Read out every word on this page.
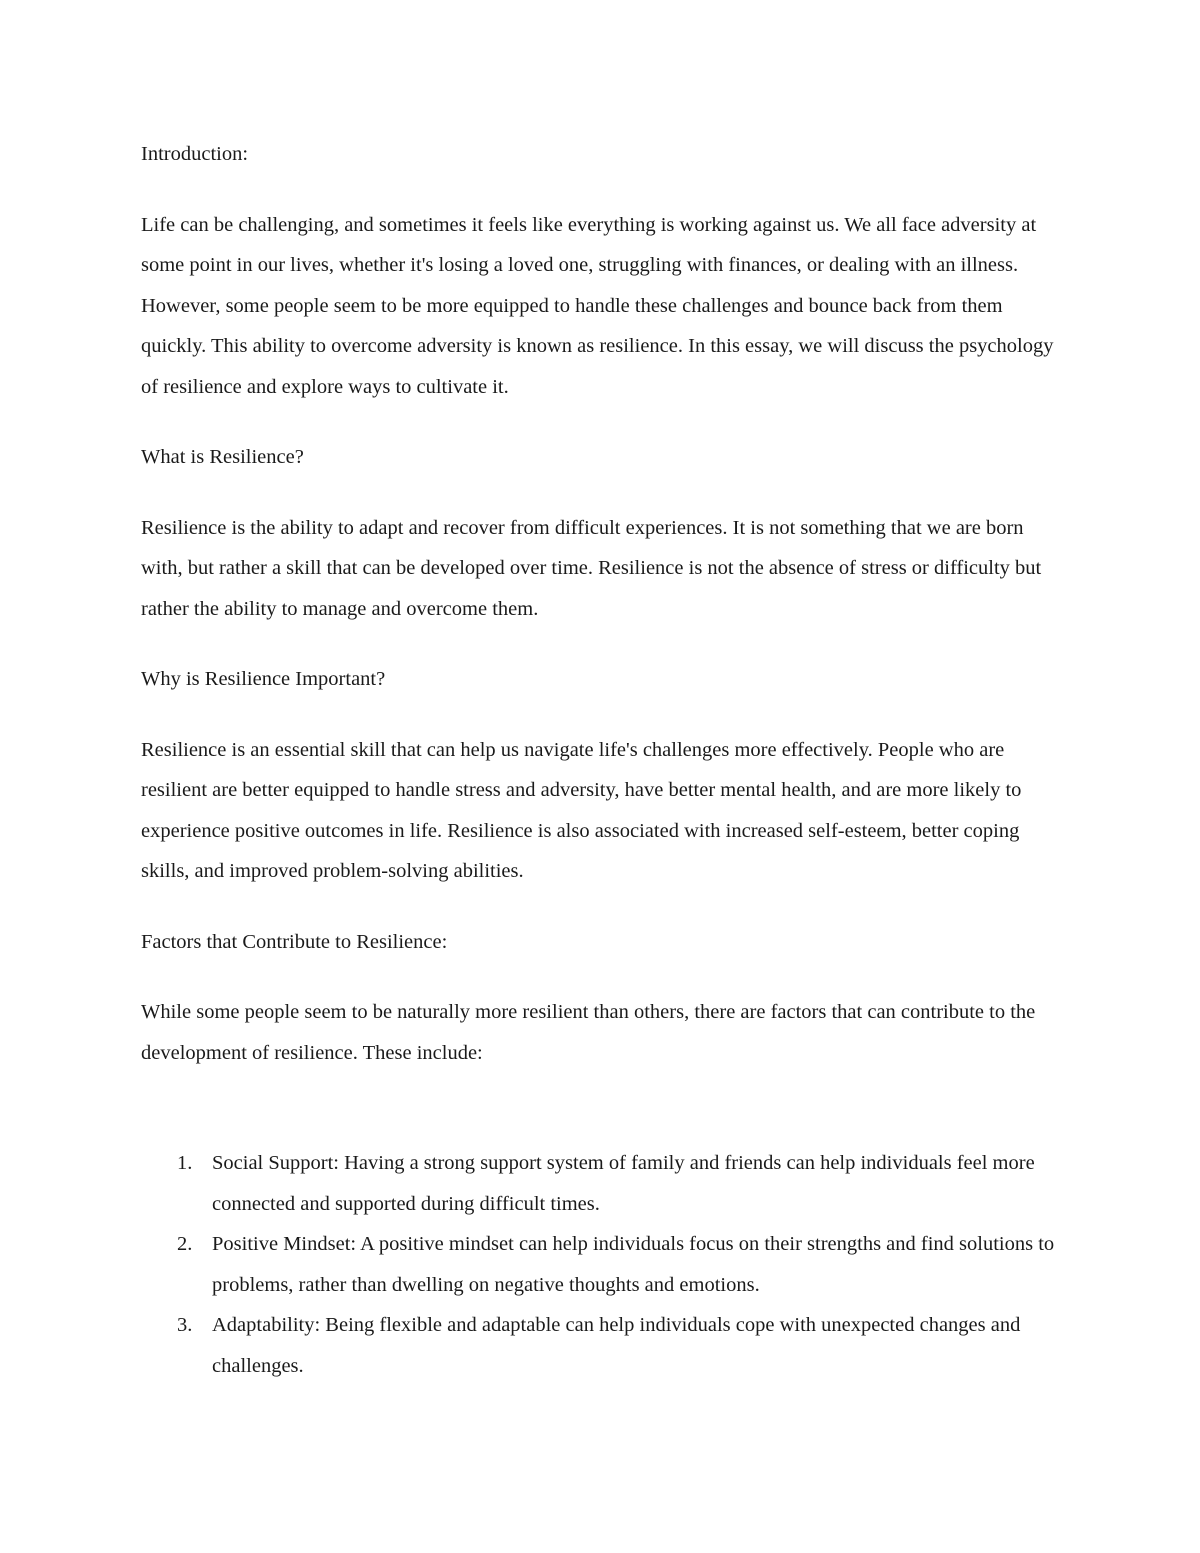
Introduction:

Life can be challenging, and sometimes it feels like everything is working against us. We all face adversity at some point in our lives, whether it's losing a loved one, struggling with finances, or dealing with an illness. However, some people seem to be more equipped to handle these challenges and bounce back from them quickly. This ability to overcome adversity is known as resilience. In this essay, we will discuss the psychology of resilience and explore ways to cultivate it.

What is Resilience?

Resilience is the ability to adapt and recover from difficult experiences. It is not something that we are born with, but rather a skill that can be developed over time. Resilience is not the absence of stress or difficulty but rather the ability to manage and overcome them.

Why is Resilience Important?

Resilience is an essential skill that can help us navigate life's challenges more effectively. People who are resilient are better equipped to handle stress and adversity, have better mental health, and are more likely to experience positive outcomes in life. Resilience is also associated with increased self-esteem, better coping skills, and improved problem-solving abilities.

Factors that Contribute to Resilience:

While some people seem to be naturally more resilient than others, there are factors that can contribute to the development of resilience. These include:

1. Social Support: Having a strong support system of family and friends can help individuals feel more connected and supported during difficult times.
2. Positive Mindset: A positive mindset can help individuals focus on their strengths and find solutions to problems, rather than dwelling on negative thoughts and emotions.
3. Adaptability: Being flexible and adaptable can help individuals cope with unexpected changes and challenges.
